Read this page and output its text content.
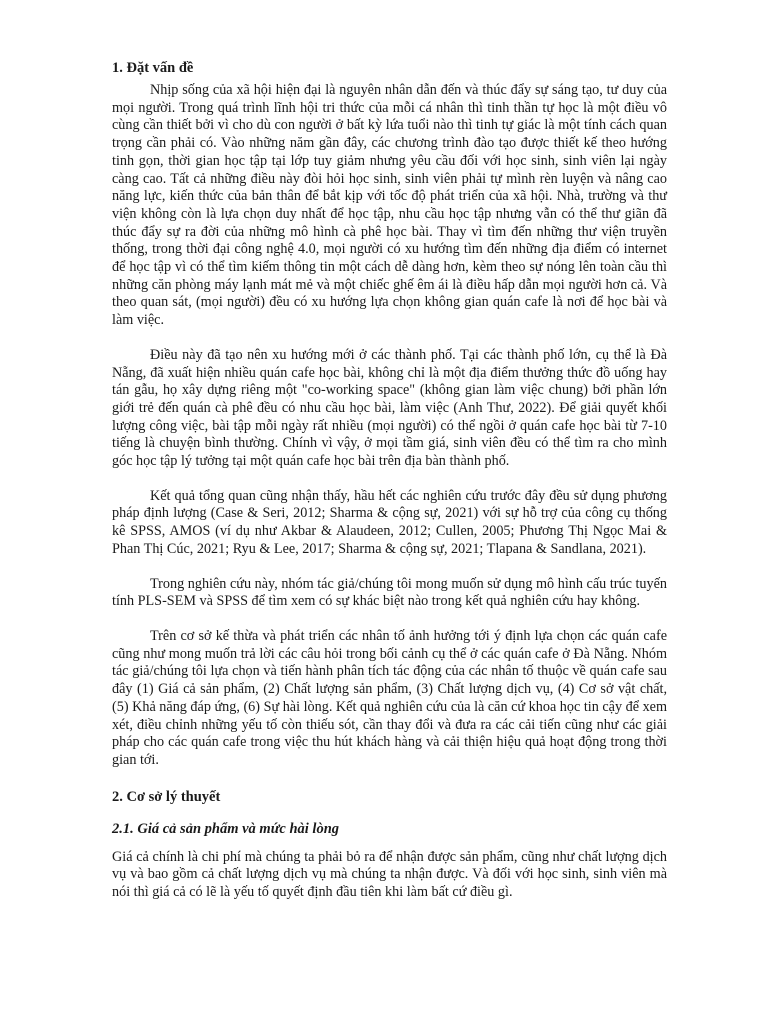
1. Đặt vấn đề

Nhịp sống của xã hội hiện đại là nguyên nhân dẫn đến và thúc đẩy sự sáng tạo, tư duy của mọi người. Trong quá trình lĩnh hội tri thức của mỗi cá nhân thì tinh thần tự học là một điều vô cùng cần thiết bởi vì cho dù con người ở bất kỳ lứa tuổi nào thì tinh tự giác là một tính cách quan trọng cần phải có. Vào những năm gần đây, các chương trình đào tạo được thiết kế theo hướng tinh gọn, thời gian học tập tại lớp tuy giảm nhưng yêu cầu đối với học sinh, sinh viên lại ngày càng cao. Tất cả những điều này đòi hỏi học sinh, sinh viên phải tự mình rèn luyện và nâng cao năng lực, kiến thức của bản thân để bắt kịp với tốc độ phát triển của xã hội. Nhà, trường và thư viện không còn là lựa chọn duy nhất để học tập, nhu cầu học tập nhưng vẫn có thể thư giãn đã thúc đẩy sự ra đời của những mô hình cà phê học bài. Thay vì tìm đến những thư viện truyền thống, trong thời đại công nghệ 4.0, mọi người có xu hướng tìm đến những địa điểm có internet để học tập vì có thể tìm kiếm thông tin một cách dễ dàng hơn, kèm theo sự nóng lên toàn cầu thì những căn phòng máy lạnh mát mẻ và một chiếc ghế êm ái là điều hấp dẫn mọi người hơn cả. Và theo quan sát, (mọi người) đều có xu hướng lựa chọn không gian quán cafe là nơi để học bài và làm việc.

Điều này đã tạo nên xu hướng mới ở các thành phố. Tại các thành phố lớn, cụ thể là Đà Nẵng, đã xuất hiện nhiều quán cafe học bài, không chỉ là một địa điểm thưởng thức đồ uống hay tán gẫu, họ xây dựng riêng một "co-working space" (không gian làm việc chung) bởi phần lớn giới trẻ đến quán cà phê đều có nhu cầu học bài, làm việc (Anh Thư, 2022). Để giải quyết khối lượng công việc, bài tập mỗi ngày rất nhiều (mọi người) có thể ngồi ở quán cafe học bài từ 7-10 tiếng là chuyện bình thường. Chính vì vậy, ở mọi tầm giá, sinh viên đều có thể tìm ra cho mình góc học tập lý tưởng tại một quán cafe học bài trên địa bàn thành phố.

Kết quả tổng quan cũng nhận thấy, hầu hết các nghiên cứu trước đây đều sử dụng phương pháp định lượng (Case & Seri, 2012; Sharma & cộng sự, 2021) với sự hỗ trợ của công cụ thống kê SPSS, AMOS (ví dụ như Akbar & Alaudeen, 2012; Cullen, 2005; Phương Thị Ngọc Mai & Phan Thị Cúc, 2021; Ryu & Lee, 2017; Sharma & cộng sự, 2021; Tlapana & Sandlana, 2021).

Trong nghiên cứu này, nhóm tác giả/chúng tôi mong muốn sử dụng mô hình cấu trúc tuyến tính PLS-SEM và SPSS để tìm xem có sự khác biệt nào trong kết quả nghiên cứu hay không.

Trên cơ sở kế thừa và phát triển các nhân tố ảnh hưởng tới ý định lựa chọn các quán cafe cũng như mong muốn trả lời các câu hỏi trong bối cảnh cụ thể ở các quán cafe ở Đà Nẵng. Nhóm tác giả/chúng tôi lựa chọn và tiến hành phân tích tác động của các nhân tố thuộc về quán cafe sau đây (1) Giá cả sản phẩm, (2) Chất lượng sản phẩm, (3) Chất lượng dịch vụ, (4) Cơ sở vật chất, (5) Khả năng đáp ứng, (6) Sự hài lòng. Kết quả nghiên cứu của là căn cứ khoa học tin cậy để xem xét, điều chỉnh những yếu tố còn thiếu sót, cần thay đổi và đưa ra các cải tiến cũng như các giải pháp cho các quán cafe trong việc thu hút khách hàng và cải thiện hiệu quả hoạt động trong thời gian tới.

2. Cơ sở lý thuyết
2.1. Giá cả sản phẩm và mức hài lòng

Giá cả chính là chi phí mà chúng ta phải bỏ ra để nhận được sản phẩm, cũng như chất lượng dịch vụ và bao gồm cả chất lượng dịch vụ mà chúng ta nhận được. Và đối với học sinh, sinh viên mà nói thì giá cả có lẽ là yếu tố quyết định đầu tiên khi làm bất cứ điều gì.
